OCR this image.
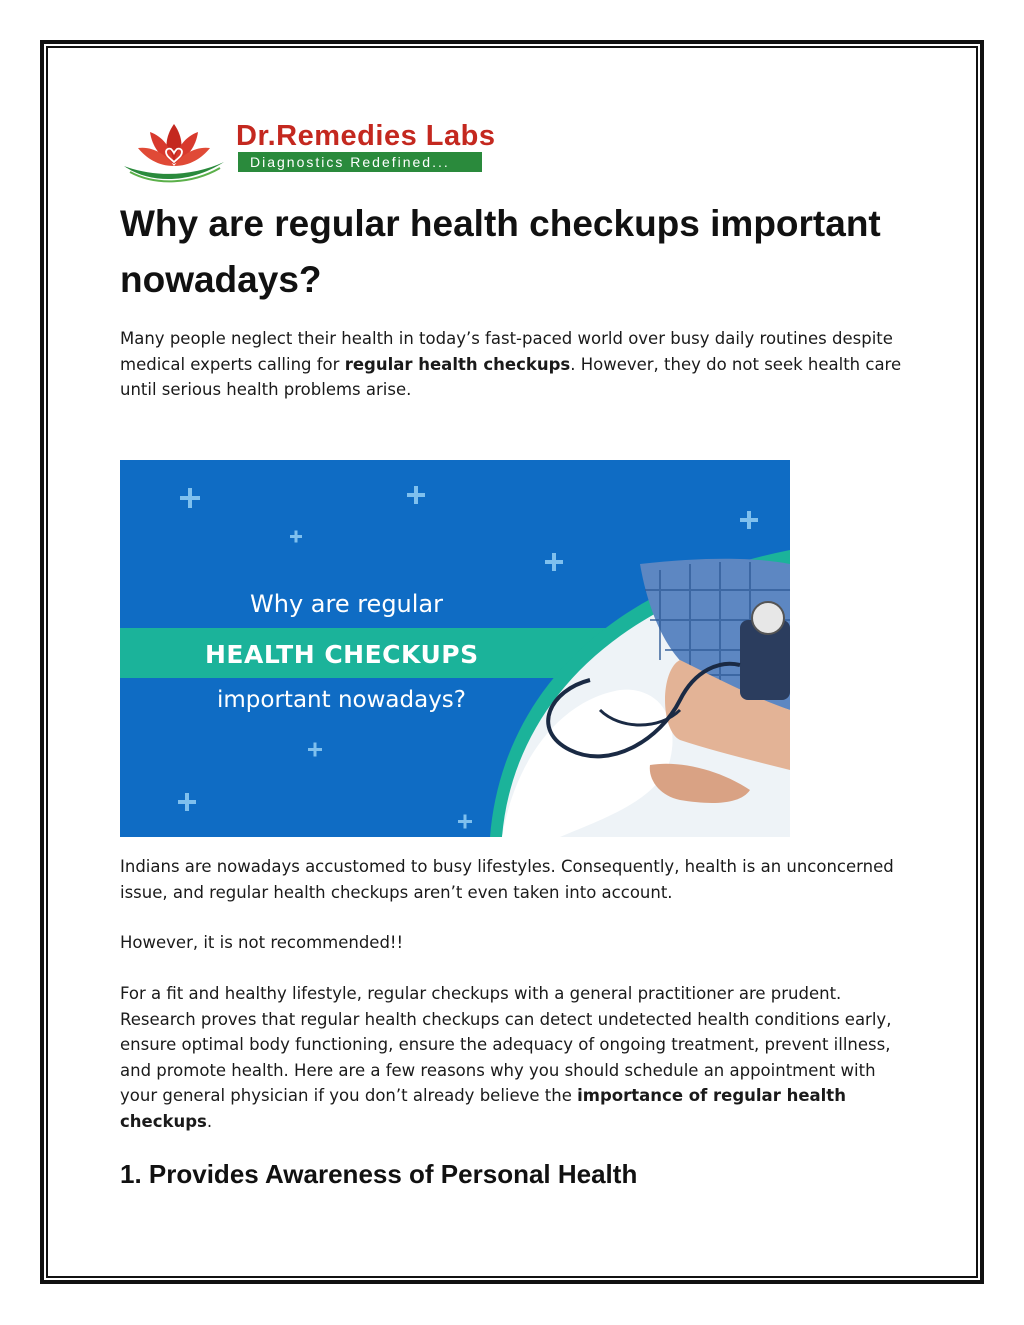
Dr.Remedies Labs
Diagnostics Redefined...
Why are regular health checkups important nowadays?

Many people neglect their health in today’s fast-paced world over busy daily routines despite medical experts calling for regular health checkups. However, they do not seek health care until serious health problems arise.

Why are regular
HEALTH CHECKUPS
important nowadays?

Indians are nowadays accustomed to busy lifestyles. Consequently, health is an unconcerned issue, and regular health checkups aren’t even taken into account.

However, it is not recommended!!

For a fit and healthy lifestyle, regular checkups with a general practitioner are prudent. Research proves that regular health checkups can detect undetected health conditions early, ensure optimal body functioning, ensure the adequacy of ongoing treatment, prevent illness, and promote health. Here are a few reasons why you should schedule an appointment with your general physician if you don’t already believe the importance of regular health checkups.

1. Provides Awareness of Personal Health
